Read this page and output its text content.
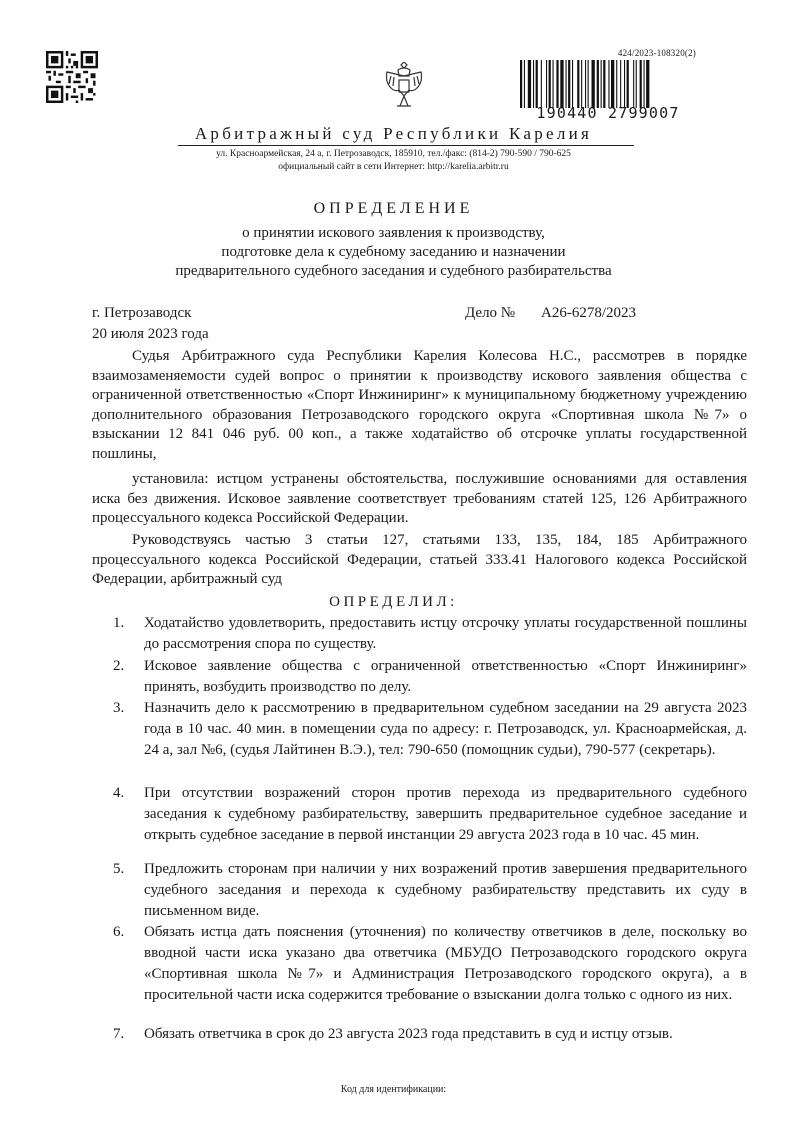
424/2023-108320(2)
190440 2799007
Арбитражный суд Республики Карелия
ул. Красноармейская, 24 а, г. Петрозаводск, 185910, тел./факс: (814-2) 790-590 / 790-625
официальный сайт в сети Интернет: http://karelia.arbitr.ru
ОПРЕДЕЛЕНИЕ
о принятии искового заявления к производству,
подготовке дела к судебному заседанию и назначении
предварительного судебного заседания и судебного разбирательства
г. Петрозаводск	Дело № А26-6278/2023
20 июля 2023 года
Судья Арбитражного суда Республики Карелия Колесова Н.С., рассмотрев в порядке взаимозаменяемости судей вопрос о принятии к производству искового заявления общества с ограниченной ответственностью «Спорт Инжиниринг» к муниципальному бюджетному учреждению дополнительного образования Петрозаводского городского округа «Спортивная школа №7» о взыскании 12 841 046 руб. 00 коп., а также ходатайство об отсрочке уплаты государственной пошлины,
установила: истцом устранены обстоятельства, послужившие основаниями для оставления иска без движения. Исковое заявление соответствует требованиям статей 125, 126 Арбитражного процессуального кодекса Российской Федерации.
Руководствуясь частью 3 статьи 127, статьями 133, 135, 184, 185 Арбитражного процессуального кодекса Российской Федерации, статьей 333.41 Налогового кодекса Российской Федерации, арбитражный суд
ОПРЕДЕЛИЛ:
1. Ходатайство удовлетворить, предоставить истцу отсрочку уплаты государственной пошлины до рассмотрения спора по существу.
2. Исковое заявление общества с ограниченной ответственностью «Спорт Инжиниринг» принять, возбудить производство по делу.
3. Назначить дело к рассмотрению в предварительном судебном заседании на 29 августа 2023 года в 10 час. 40 мин. в помещении суда по адресу: г. Петрозаводск, ул. Красноармейская, д. 24 а, зал №6, (судья Лайтинен В.Э.), тел: 790-650 (помощник судьи), 790-577 (секретарь).
4. При отсутствии возражений сторон против перехода из предварительного судебного заседания к судебному разбирательству, завершить предварительное судебное заседание и открыть судебное заседание в первой инстанции 29 августа 2023 года в 10 час. 45 мин.
5. Предложить сторонам при наличии у них возражений против завершения предварительного судебного заседания и перехода к судебному разбирательству представить их суду в письменном виде.
6. Обязать истца дать пояснения (уточнения) по количеству ответчиков в деле, поскольку во вводной части иска указано два ответчика (МБУДО Петрозаводского городского округа «Спортивная школа №7» и Администрация Петрозаводского городского округа), а в просительной части иска содержится требование о взыскании долга только с одного из них.
7. Обязать ответчика в срок до 23 августа 2023 года представить в суд и истцу отзыв.
Код для идентификации:
